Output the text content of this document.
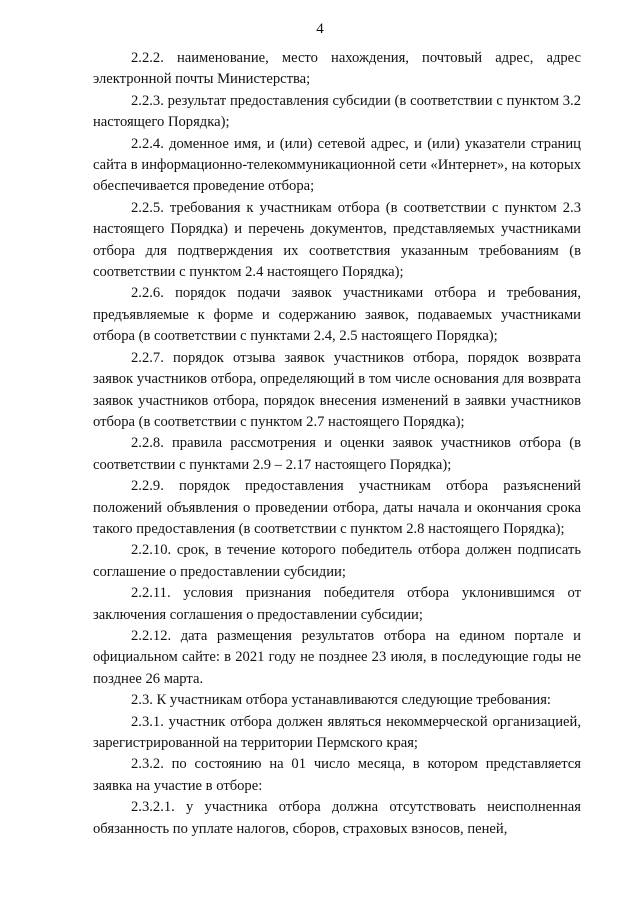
4

2.2.2. наименование, место нахождения, почтовый адрес, адрес электронной почты Министерства;

2.2.3. результат предоставления субсидии (в соответствии с пунктом 3.2 настоящего Порядка);

2.2.4. доменное имя, и (или) сетевой адрес, и (или) указатели страниц сайта в информационно-телекоммуникационной сети «Интернет», на которых обеспечивается проведение отбора;

2.2.5. требования к участникам отбора (в соответствии с пунктом 2.3 настоящего Порядка) и перечень документов, представляемых участниками отбора для подтверждения их соответствия указанным требованиям (в соответствии с пунктом 2.4 настоящего Порядка);

2.2.6. порядок подачи заявок участниками отбора и требования, предъявляемые к форме и содержанию заявок, подаваемых участниками отбора (в соответствии с пунктами 2.4, 2.5 настоящего Порядка);

2.2.7. порядок отзыва заявок участников отбора, порядок возврата заявок участников отбора, определяющий в том числе основания для возврата заявок участников отбора, порядок внесения изменений в заявки участников отбора (в соответствии с пунктом 2.7 настоящего Порядка);

2.2.8. правила рассмотрения и оценки заявок участников отбора (в соответствии с пунктами 2.9 – 2.17 настоящего Порядка);

2.2.9. порядок предоставления участникам отбора разъяснений положений объявления о проведении отбора, даты начала и окончания срока такого предоставления (в соответствии с пунктом 2.8 настоящего Порядка);

2.2.10. срок, в течение которого победитель отбора должен подписать соглашение о предоставлении субсидии;

2.2.11. условия признания победителя отбора уклонившимся от заключения соглашения о предоставлении субсидии;

2.2.12. дата размещения результатов отбора на едином портале и официальном сайте: в 2021 году не позднее 23 июля, в последующие годы не позднее 26 марта.

2.3. К участникам отбора устанавливаются следующие требования:

2.3.1. участник отбора должен являться некоммерческой организацией, зарегистрированной на территории Пермского края;

2.3.2. по состоянию на 01 число месяца, в котором представляется заявка на участие в отборе:

2.3.2.1. у участника отбора должна отсутствовать неисполненная обязанность по уплате налогов, сборов, страховых взносов, пеней,
